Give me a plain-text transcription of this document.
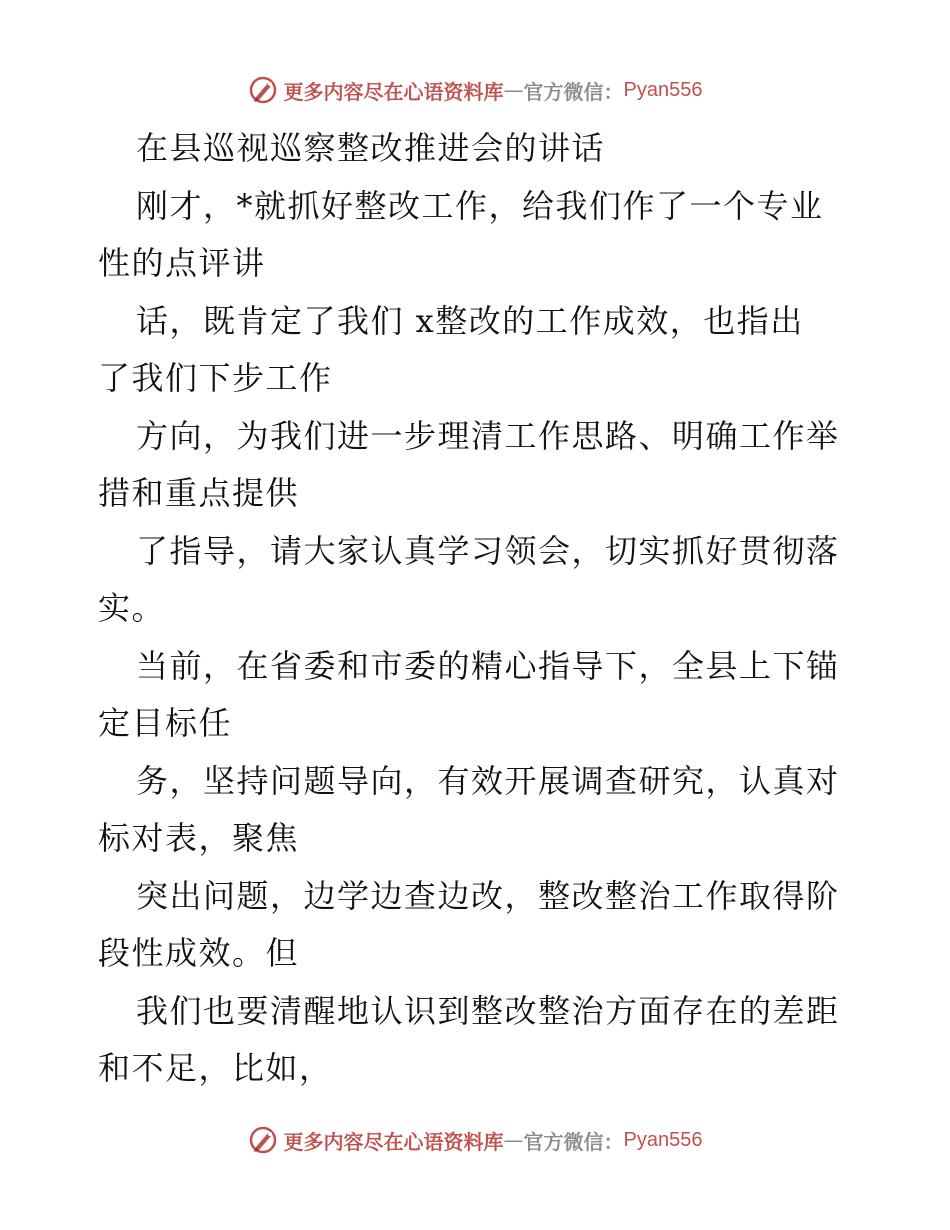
更多内容尽在心语资料库 — 官方微信： Pyan556
在县巡视巡察整改推进会的讲话
刚才，*就抓好整改工作，给我们作了一个专业
性的点评讲
话，既肯定了我们 x整改的工作成效，也指出
了我们下步工作
方向，为我们进一步理清工作思路、明确工作举
措和重点提供
了指导，请大家认真学习领会，切实抓好贯彻落
实。
当前，在省委和市委的精心指导下，全县上下锚
定目标任
务，坚持问题导向，有效开展调查研究，认真对
标对表，聚焦
突出问题，边学边查边改，整改整治工作取得阶
段性成效。但
我们也要清醒地认识到整改整治方面存在的差距
和不足，比如，
更多内容尽在心语资料库 — 官方微信： Pyan556
